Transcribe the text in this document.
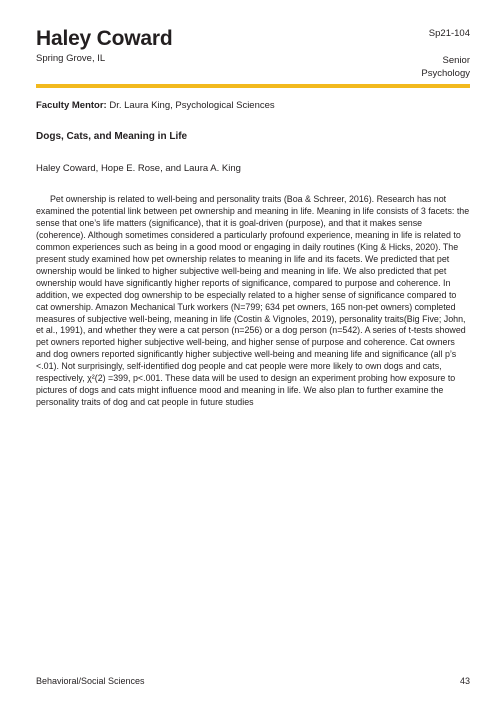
Haley Coward
Spring Grove, IL
Sp21-104
Senior
Psychology
Faculty Mentor: Dr. Laura King, Psychological Sciences
Dogs, Cats, and Meaning in Life
Haley Coward, Hope E. Rose, and Laura A. King

Pet ownership is related to well-being and personality traits (Boa & Schreer, 2016). Research has not examined the potential link between pet ownership and meaning in life. Meaning in life consists of 3 facets: the sense that one’s life matters (significance), that it is goal-driven (purpose), and that it makes sense (coherence). Although sometimes considered a particularly profound experience, meaning in life is related to common experiences such as being in a good mood or engaging in daily routines (King & Hicks, 2020). The present study examined how pet ownership relates to meaning in life and its facets. We predicted that pet ownership would be linked to higher subjective well-being and meaning in life. We also predicted that pet ownership would have significantly higher reports of significance, compared to purpose and coherence. In addition, we expected dog ownership to be especially related to a higher sense of significance compared to cat ownership. Amazon Mechanical Turk workers (N=799; 634 pet owners, 165 non-pet owners) completed measures of subjective well-being, meaning in life (Costin & Vignoles, 2019), personality traits(Big Five; John, et al., 1991), and whether they were a cat person (n=256) or a dog person (n=542). A series of t-tests showed pet owners reported higher subjective well-being, and higher sense of purpose and coherence. Cat owners and dog owners reported significantly higher subjective well-being and meaning life and significance (all p’s <.01). Not surprisingly, self-identified dog people and cat people were more likely to own dogs and cats, respectively, χ²(2) =399, p<.001. These data will be used to design an experiment probing how exposure to pictures of dogs and cats might influence mood and meaning in life. We also plan to further examine the personality traits of dog and cat people in future studies

Behavioral/Social Sciences	43
